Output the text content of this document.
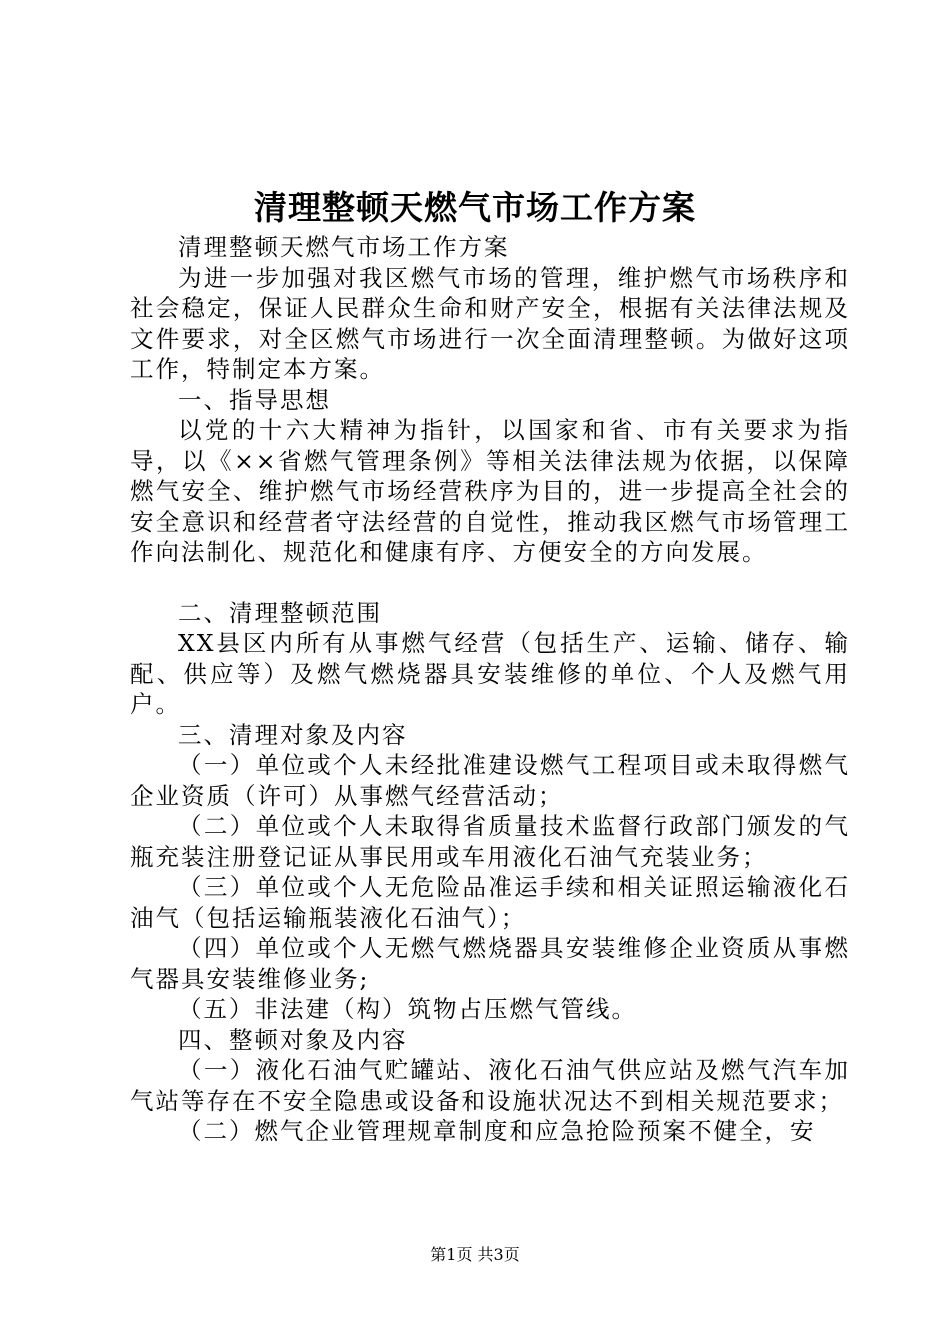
清理整顿天燃气市场工作方案

清理整顿天燃气市场工作方案

为进一步加强对我区燃气市场的管理，维护燃气市场秩序和社会稳定，保证人民群众生命和财产安全，根据有关法律法规及文件要求，对全区燃气市场进行一次全面清理整顿。为做好这项工作，特制定本方案。

一、指导思想

以党的十六大精神为指针，以国家和省、市有关要求为指导，以《××省燃气管理条例》等相关法律法规为依据，以保障燃气安全、维护燃气市场经营秩序为目的，进一步提高全社会的安全意识和经营者守法经营的自觉性，推动我区燃气市场管理工作向法制化、规范化和健康有序、方便安全的方向发展。

二、清理整顿范围

XX县区内所有从事燃气经营（包括生产、运输、储存、输配、供应等）及燃气燃烧器具安装维修的单位、个人及燃气用户。

三、清理对象及内容

（一）单位或个人未经批准建设燃气工程项目或未取得燃气企业资质（许可）从事燃气经营活动；

（二）单位或个人未取得省质量技术监督行政部门颁发的气瓶充装注册登记证从事民用或车用液化石油气充装业务；

（三）单位或个人无危险品准运手续和相关证照运输液化石油气（包括运输瓶装液化石油气）；

（四）单位或个人无燃气燃烧器具安装维修企业资质从事燃气器具安装维修业务;

（五）非法建（构）筑物占压燃气管线。

四、整顿对象及内容

（一）液化石油气贮罐站、液化石油气供应站及燃气汽车加气站等存在不安全隐患或设备和设施状况达不到相关规范要求；

（二）燃气企业管理规章制度和应急抢险预案不健全，安

第1页 共3页
